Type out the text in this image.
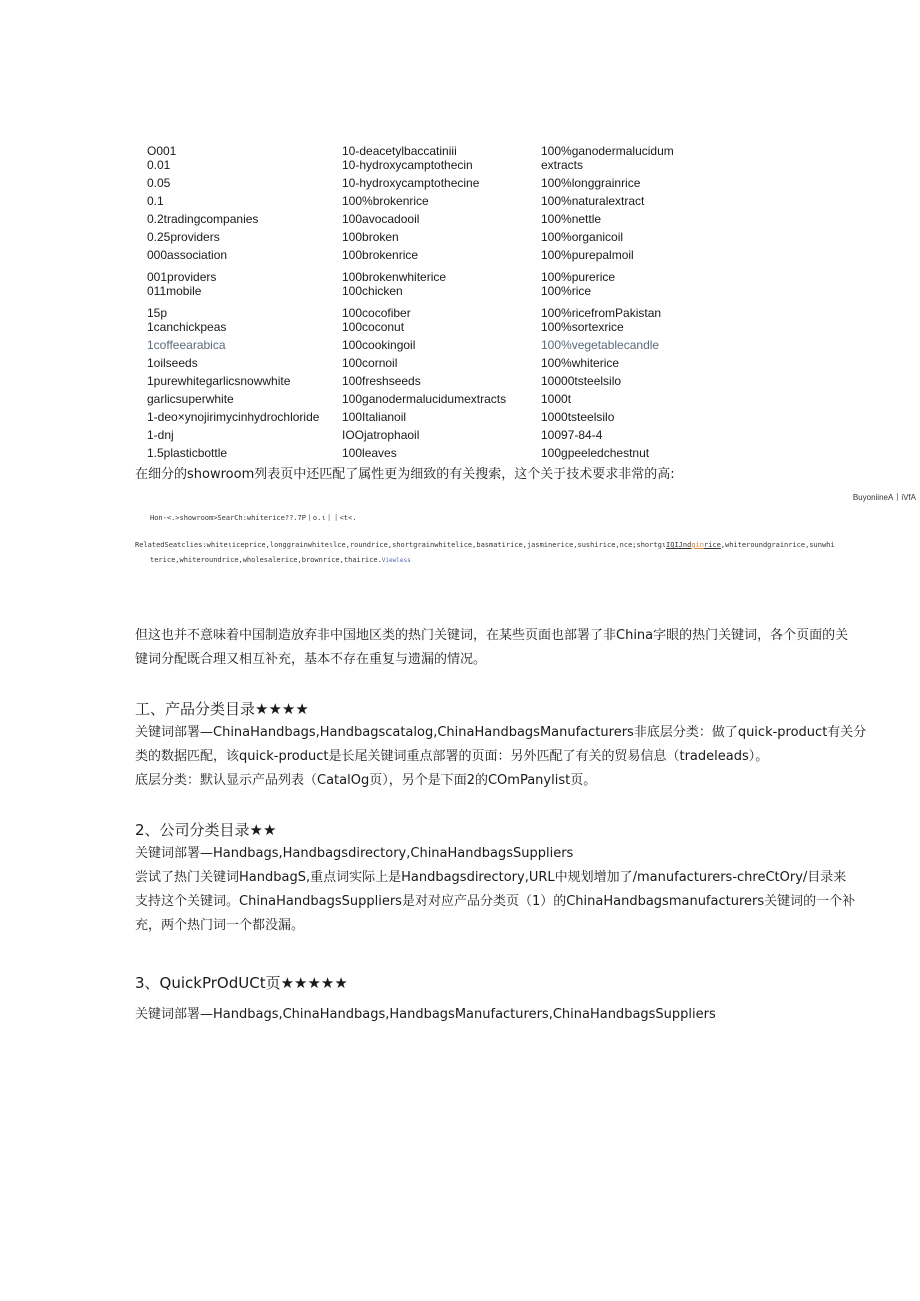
O001	10-deacetylbaccatiniii	100%ganodermalucidum
0.01	10-hydroxycamptothecin	extracts
0.05	10-hydroxycamptothecine	100%longgrainrice
0.1	100%brokenrice	100%naturalextract
0.2tradingcompanies	100avocadooil	100%nettle
0.25providers	100broken	100%organicoil
000association	100brokenrice	100%purepalmoil
001providers	100brokenwhiterice	100%purerice
011mobile	100chicken	100%rice
15p	100cocofiber	100%ricefromPakistan
1canchickpeas	100coconut	100%sortexrice
1coffeearabica	100cookingoil	100%vegetablecandle
1oilseeds	100cornoil	100%whiterice
1purewhitegarlicsnowwhite	100freshseeds	10000tsteelsilo
garlicsuperwhite	100ganodermalucidumextracts	1000t
1-deo×ynojirimycinhydrochloride	100Italianoil	1000tsteelsilo
1-dnj	IOOjatrophaoil	10097-84-4
1.5plasticbottle	100leaves	100gpeeledchestnut
在细分的showroom列表页中还匹配了属性更为细致的有关搜索，这个关于技术要求非常的高:
BuyoniineA丨iVfA
Hon-<.>showroom>SearCh:whiterice??.7P丨o.ι丨丨<t<.
RelatedSeatclies:whiteιiceprice,longgrainwhiteιlce,roundrice,shortgrainwhitelice,basmatirice,jasminerice,sushirice,nce;shortgιIQIJndginrice,whiteroundgrainrice,sunwhi
terice,whiteroundrice,wholesalerice,brownrice,thairice.Viewless
但这也并不意味着中国制造放弃非中国地区类的热门关键词，在某些页面也部署了非China字眼的热门关键词，各个页面的关
键词分配既合理又相互补充，基本不存在重复与遗漏的情况。
工、产品分类目录★★★★
关键词部署—ChinaHandbags,Handbagscatalog,ChinaHandbagsManufacturers非底层分类：做了quick-product有关分
类的数据匹配，该quick-product是长尾关键词重点部署的页面：另外匹配了有关的贸易信息（tradeleads）。
底层分类：默认显示产品列表（CatalOg页），另个是下面2的COmPanylist页。
2、公司分类目录★★
关键词部署—Handbags,Handbagsdirectory,ChinaHandbagsSuppliers
尝试了热门关键词HandbagS,重点词实际上是Handbagsdirectory,URL中规划增加了/manufacturers-chreCtOry/目录来
支持这个关键词。ChinaHandbagsSuppliers是对对应产品分类页（1）的ChinaHandbagsmanufacturers关键词的一个补
充，两个热门词一个都没漏。
3、QuickPrOdUCt页★★★★★
关键词部署—Handbags,ChinaHandbags,HandbagsManufacturers,ChinaHandbagsSuppliers
